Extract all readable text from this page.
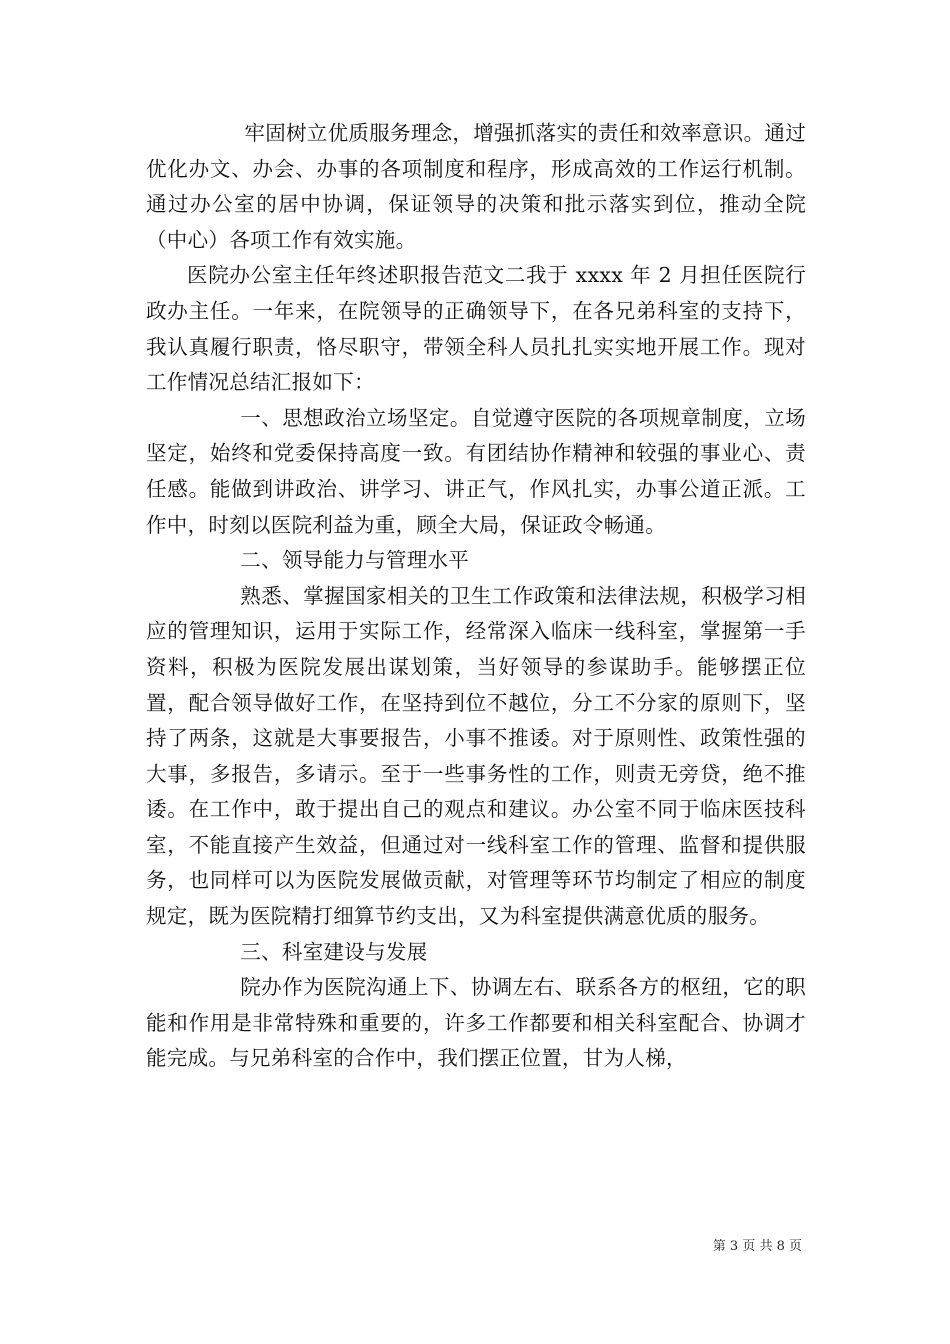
牢固树立优质服务理念，增强抓落实的责任和效率意识。通过优化办文、办会、办事的各项制度和程序，形成高效的工作运行机制。通过办公室的居中协调，保证领导的决策和批示落实到位，推动全院（中心）各项工作有效实施。

医院办公室主任年终述职报告范文二我于 xxxx 年 2 月担任医院行政办主任。一年来，在院领导的正确领导下，在各兄弟科室的支持下，我认真履行职责，恪尽职守，带领全科人员扎扎实实地开展工作。现对工作情况总结汇报如下：

一、思想政治立场坚定。自觉遵守医院的各项规章制度，立场坚定，始终和党委保持高度一致。有团结协作精神和较强的事业心、责任感。能做到讲政治、讲学习、讲正气，作风扎实，办事公道正派。工作中，时刻以医院利益为重，顾全大局，保证政令畅通。

二、领导能力与管理水平

熟悉、掌握国家相关的卫生工作政策和法律法规，积极学习相应的管理知识，运用于实际工作，经常深入临床一线科室，掌握第一手资料，积极为医院发展出谋划策，当好领导的参谋助手。能够摆正位置，配合领导做好工作，在坚持到位不越位，分工不分家的原则下，坚持了两条，这就是大事要报告，小事不推诿。对于原则性、政策性强的大事，多报告，多请示。至于一些事务性的工作，则责无旁贷，绝不推诿。在工作中，敢于提出自己的观点和建议。办公室不同于临床医技科室，不能直接产生效益，但通过对一线科室工作的管理、监督和提供服务，也同样可以为医院发展做贡献，对管理等环节均制定了相应的制度规定，既为医院精打细算节约支出，又为科室提供满意优质的服务。

三、科室建设与发展

院办作为医院沟通上下、协调左右、联系各方的枢纽，它的职能和作用是非常特殊和重要的，许多工作都要和相关科室配合、协调才能完成。与兄弟科室的合作中，我们摆正位置，甘为人梯，

第 3 页 共 8 页
